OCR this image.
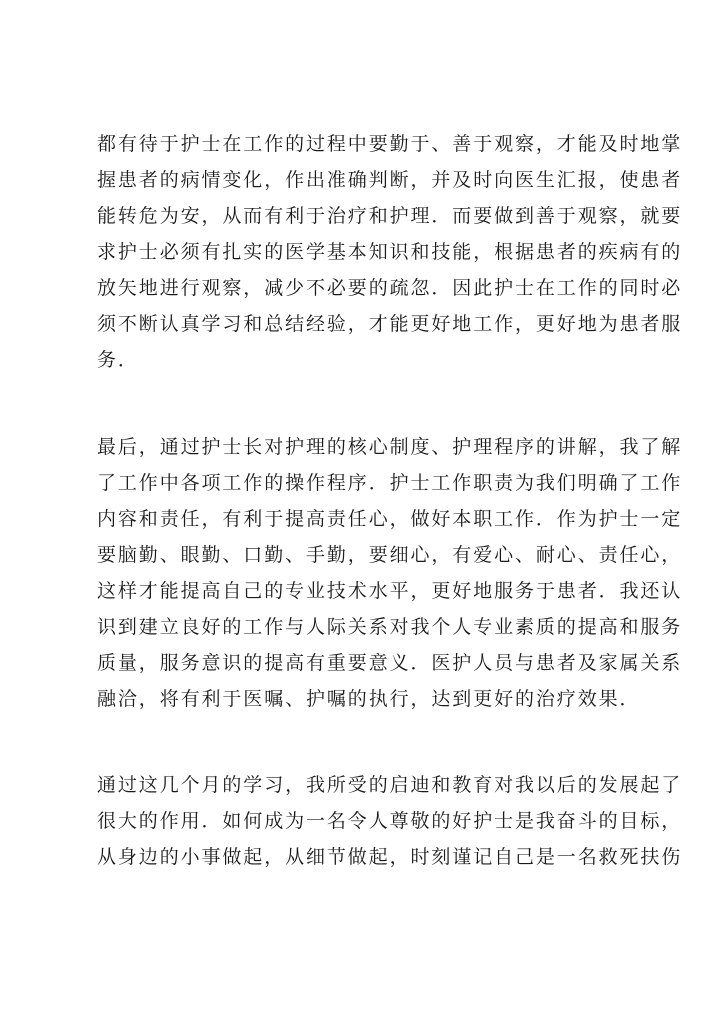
都有待于护士在工作的过程中要勤于、善于观察，才能及时地掌
握患者的病情变化，作出准确判断，并及时向医生汇报，使患者
能转危为安，从而有利于治疗和护理．而要做到善于观察，就要
求护士必须有扎实的医学基本知识和技能，根据患者的疾病有的
放矢地进行观察，减少不必要的疏忽．因此护士在工作的同时必
须不断认真学习和总结经验，才能更好地工作，更好地为患者服
务．
最后，通过护士长对护理的核心制度、护理程序的讲解，我了解
了工作中各项工作的操作程序．护士工作职责为我们明确了工作
内容和责任，有利于提高责任心，做好本职工作．作为护士一定
要脑勤、眼勤、口勤、手勤，要细心，有爱心、耐心、责任心，
这样才能提高自己的专业技术水平，更好地服务于患者．我还认
识到建立良好的工作与人际关系对我个人专业素质的提高和服务
质量，服务意识的提高有重要意义．医护人员与患者及家属关系
融洽，将有利于医嘱、护嘱的执行，达到更好的治疗效果．
通过这几个月的学习，我所受的启迪和教育对我以后的发展起了
很大的作用．如何成为一名令人尊敬的好护士是我奋斗的目标，
从身边的小事做起，从细节做起，时刻谨记自己是一名救死扶伤
